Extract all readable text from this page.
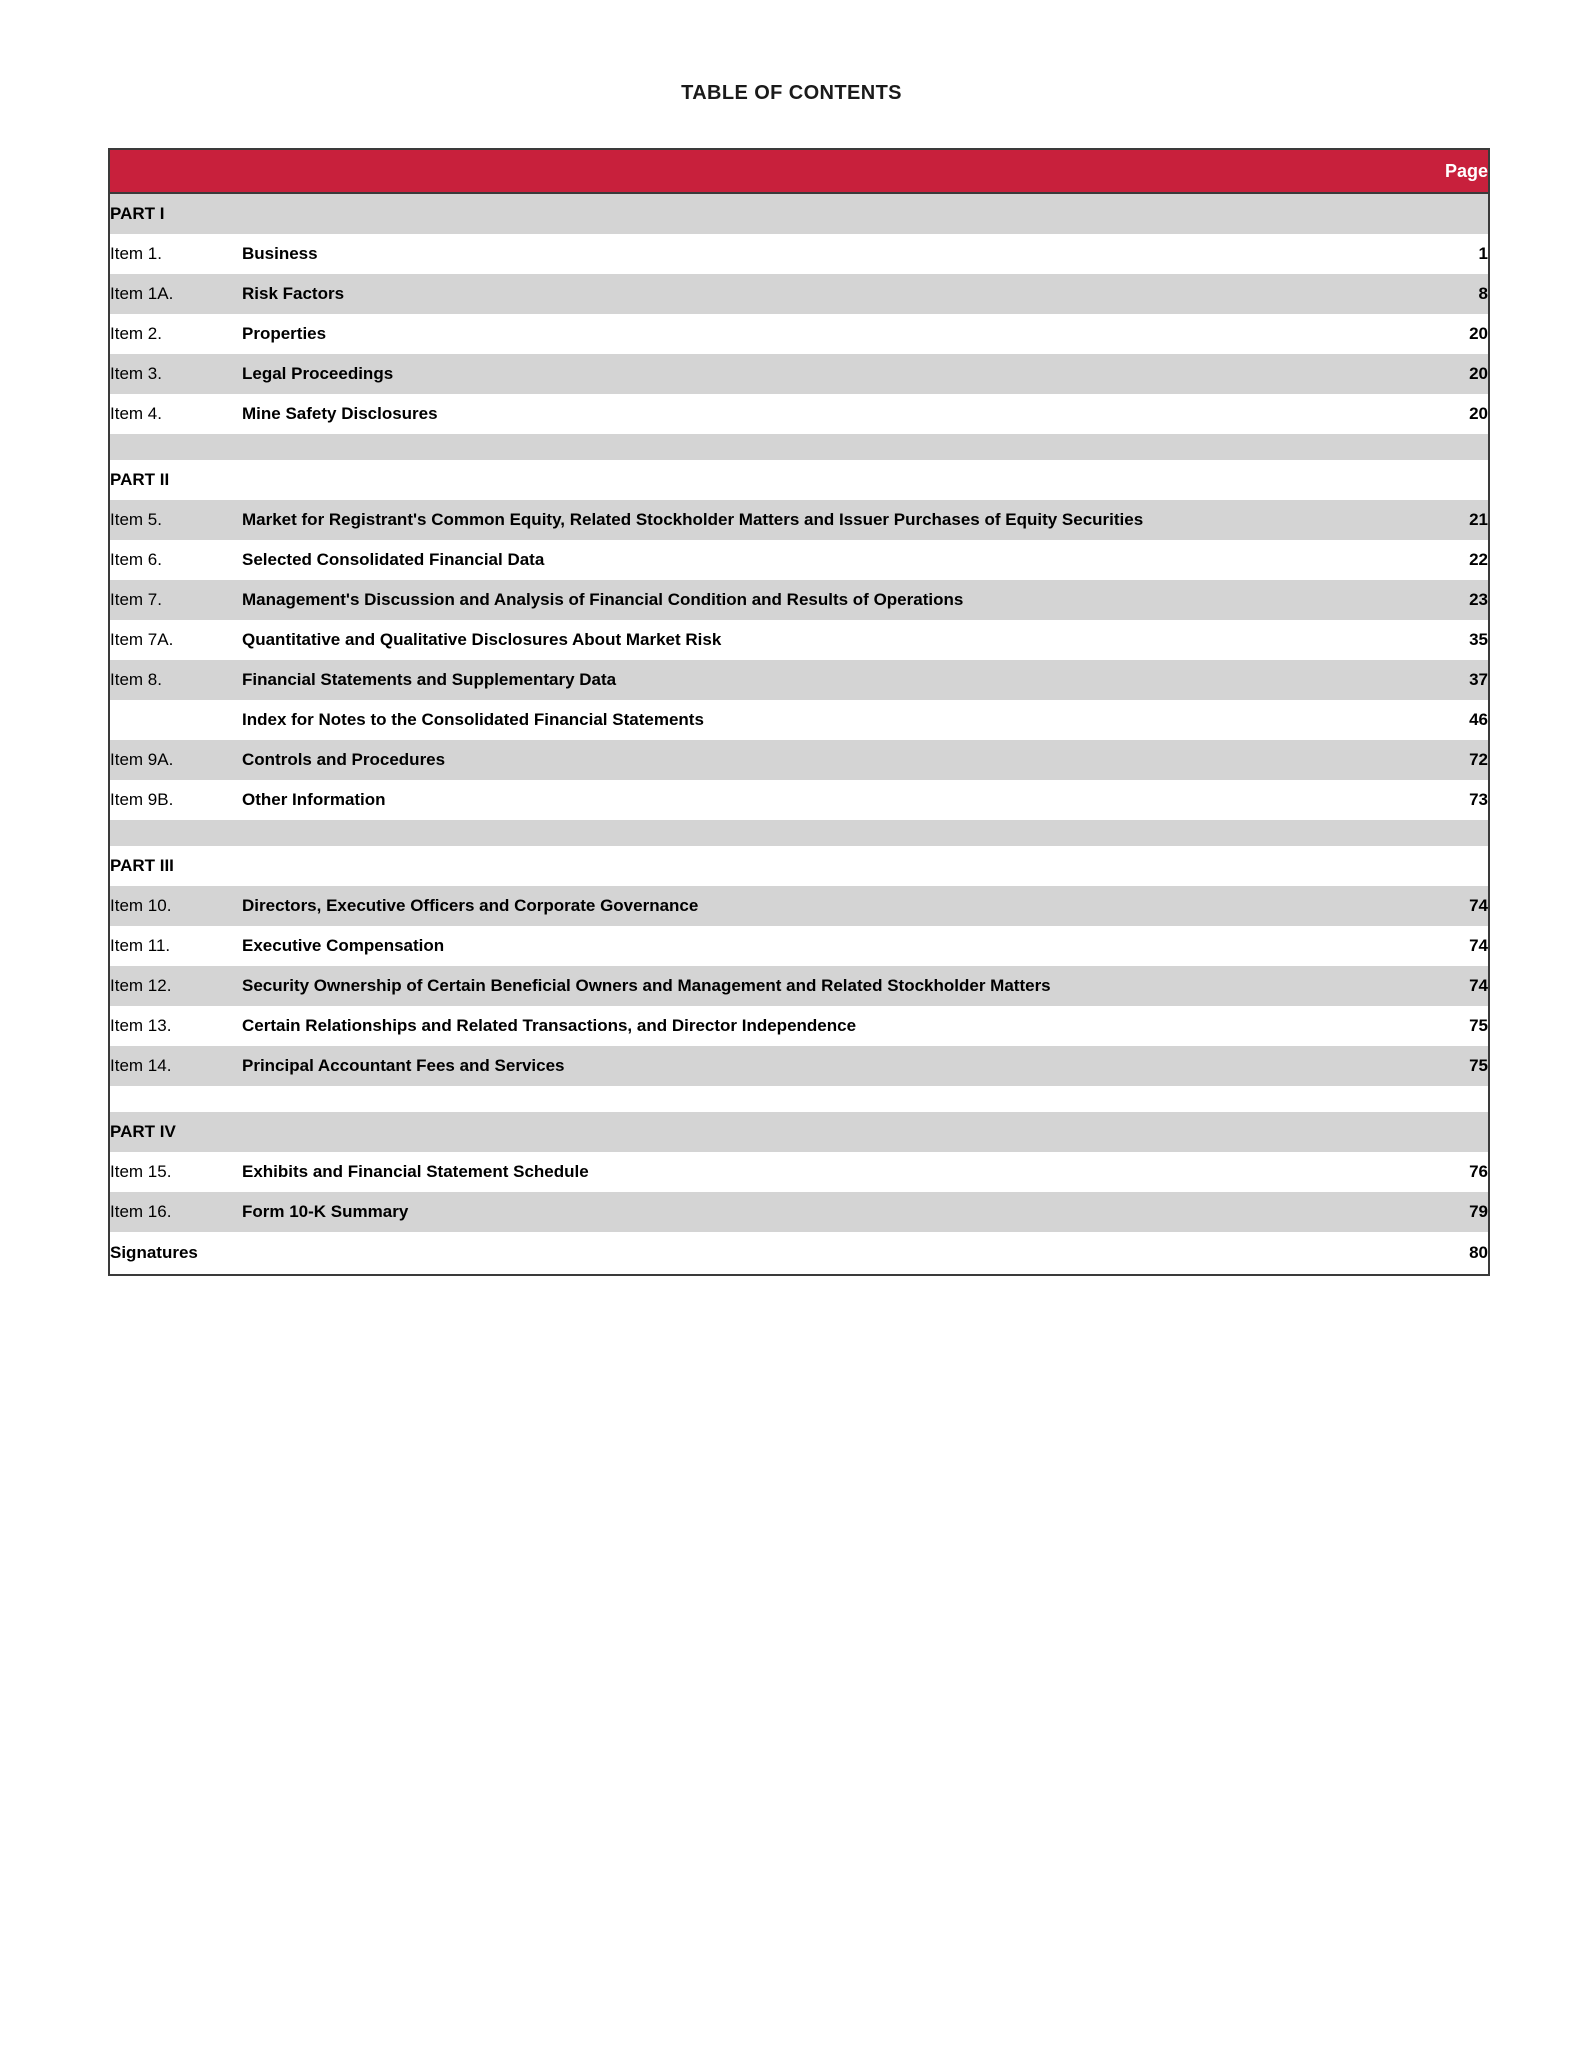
TABLE OF CONTENTS
		Page
PART I		
Item 1.	Business	1
Item 1A.	Risk Factors	8
Item 2.	Properties	20
Item 3.	Legal Proceedings	20
Item 4.	Mine Safety Disclosures	20

PART II		
Item 5.	Market for Registrant's Common Equity, Related Stockholder Matters and Issuer Purchases of Equity Securities	21
Item 6.	Selected Consolidated Financial Data	22
Item 7.	Management's Discussion and Analysis of Financial Condition and Results of Operations	23
Item 7A.	Quantitative and Qualitative Disclosures About Market Risk	35
Item 8.	Financial Statements and Supplementary Data	37
	Index for Notes to the Consolidated Financial Statements	46
Item 9A.	Controls and Procedures	72
Item 9B.	Other Information	73

PART III		
Item 10.	Directors, Executive Officers and Corporate Governance	74
Item 11.	Executive Compensation	74
Item 12.	Security Ownership of Certain Beneficial Owners and Management and Related Stockholder Matters	74
Item 13.	Certain Relationships and Related Transactions, and Director Independence	75
Item 14.	Principal Accountant Fees and Services	75

PART IV		
Item 15.	Exhibits and Financial Statement Schedule	76
Item 16.	Form 10-K Summary	79
Signatures		80
